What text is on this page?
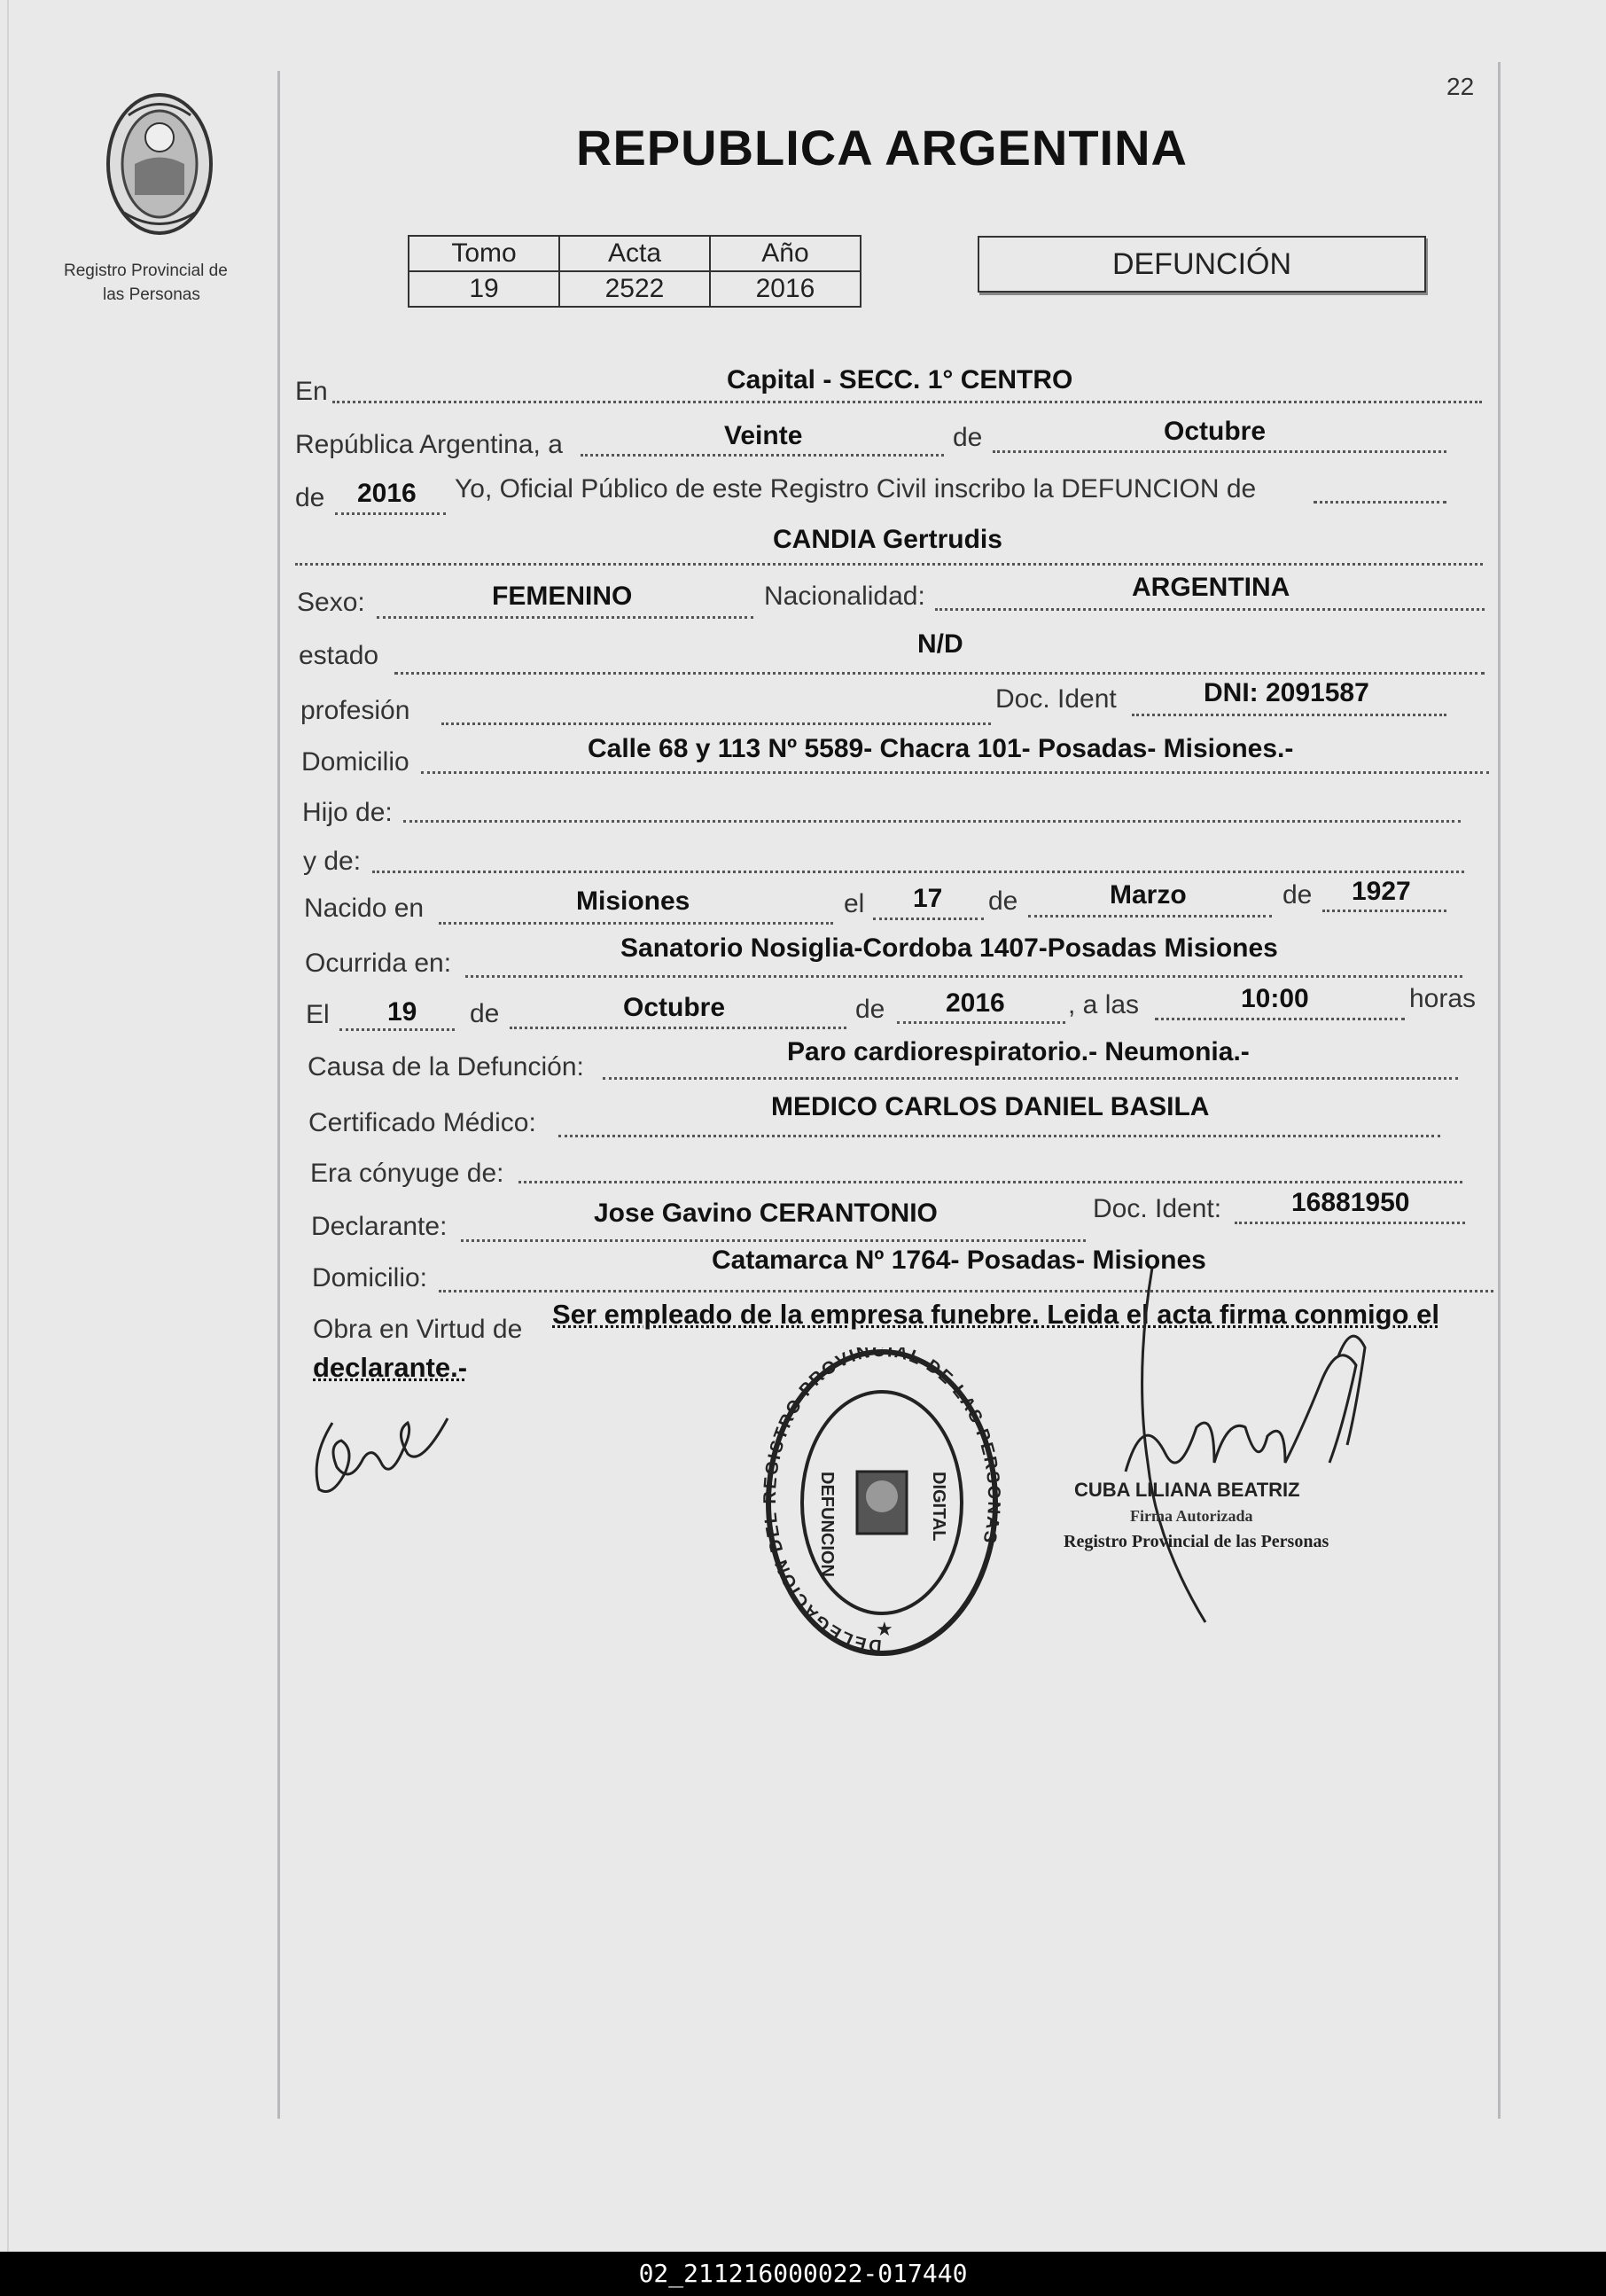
22
Registro Provincial de
las Personas
REPUBLICA ARGENTINA
Tomo	Acta	Año
19	2522	2016
DEFUNCIÓN
En	Capital - SECC. 1° CENTRO
República Argentina, a	Veinte	de	Octubre
de 2016 Yo, Oficial Público de este Registro Civil inscribo la DEFUNCION de
CANDIA Gertrudis
Sexo:	FEMENINO	Nacionalidad:	ARGENTINA
estado	N/D
profesión	Doc. Ident	DNI: 2091587
Domicilio	Calle 68 y 113 Nº 5589- Chacra 101- Posadas- Misiones.-
Hijo de:
y de:
Nacido en	Misiones	el 17 de	Marzo	de 1927
Ocurrida en:
Sanatorio Nosiglia-Cordoba 1407-Posadas Misiones
El 19 de	Octubre	de 2016 , a las	10:00	horas
Causa de la Defunción:
Paro cardiorespiratorio.- Neumonia.-
Certificado Médico:
MEDICO CARLOS DANIEL BASILA
Era cónyuge de:
Declarante:	Jose Gavino CERANTONIO	Doc. Ident:	16881950
Domicilio:
Catamarca Nº 1764- Posadas- Misiones
Obra en Virtud de Ser empleado de la empresa funebre. Leida el acta firma conmigo el
declarante.-
DELEGACION DEL REGISTRO PROVINCIAL DE LAS PERSONAS
DEFUNCION	DIGITAL
★
CUBA LILIANA BEATRIZ
Firma Autorizada
Registro Provincial de las Personas
02_211216000022-017440
